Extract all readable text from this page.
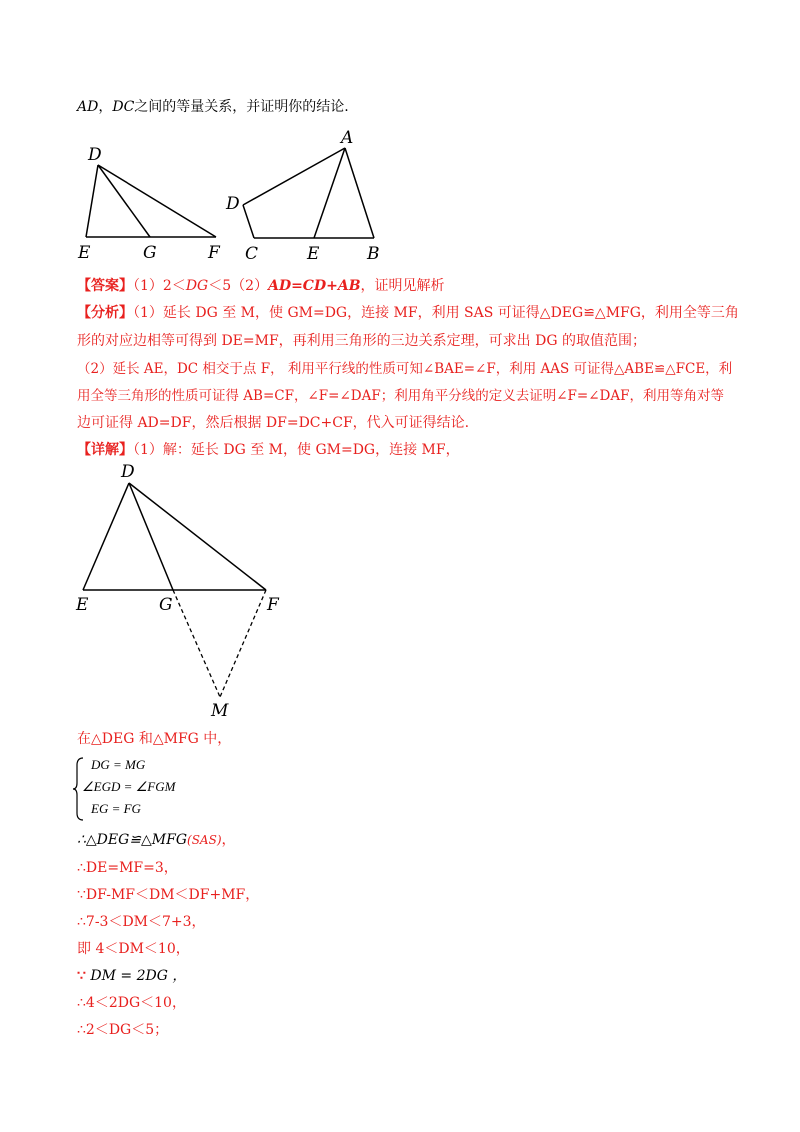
AD，DC之间的等量关系，并证明你的结论.
D
E	G	F
A
D
C	E	B
【答案】（1）2＜DG＜5（2）AD=CD+AB，证明见解析
【分析】（1）延长 DG 至 M，使 GM=DG，连接 MF，利用 SAS 可证得△DEG≌△MFG，利用全等三角
形的对应边相等可得到 DE=MF，再利用三角形的三边关系定理，可求出 DG 的取值范围；
（2）延长 AE，DC 相交于点 F， 利用平行线的性质可知∠BAE=∠F，利用 AAS 可证得△ABE≌△FCE，利
用全等三角形的性质可证得 AB=CF，∠F=∠DAF；利用角平分线的定义去证明∠F=∠DAF，利用等角对等
边可证得 AD=DF，然后根据 DF=DC+CF，代入可证得结论.
【详解】（1）解：延长 DG 至 M，使 GM=DG，连接 MF，
D
E	G	F
M
在△DEG 和△MFG 中，
DG = MG
∠EGD = ∠FGM
EG = FG
∴△DEG≌△MFG(SAS)，
∴DE=MF=3，
∵DF-MF＜DM＜DF+MF，
∴7-3＜DM＜7+3，
即 4＜DM＜10，
∵ DM = 2DG ，
∴4＜2DG＜10，
∴2＜DG＜5；
